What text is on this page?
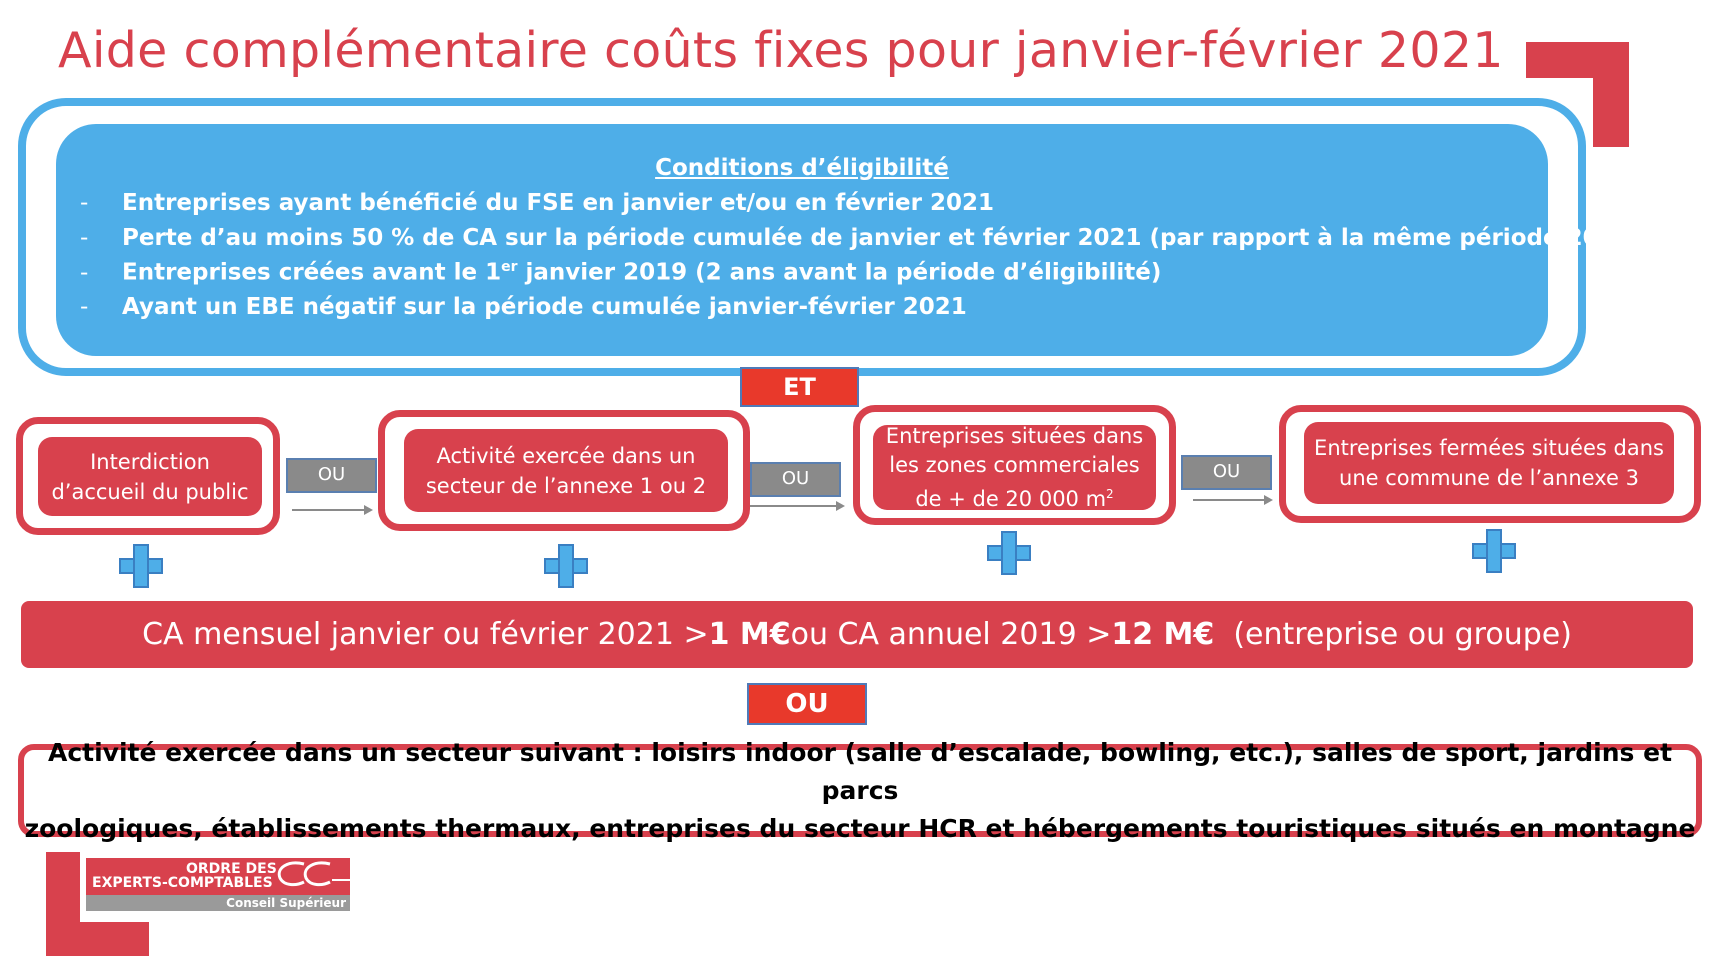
Aide complémentaire coûts fixes pour janvier-février 2021
Conditions d’éligibilité
- Entreprises ayant bénéficié du FSE en janvier et/ou en février 2021
- Perte d’au moins 50 % de CA sur la période cumulée de janvier et février 2021 (par rapport à la même période 2019)
- Entreprises créées avant le 1er janvier 2019 (2 ans avant la période d’éligibilité)
- Ayant un EBE négatif sur la période cumulée janvier-février 2021
ET
Interdiction
d’accueil du public
Activité exercée dans un
secteur de l’annexe 1 ou 2
Entreprises situées dans
les zones commerciales
de + de 20 000 $m^2$
Entreprises fermées situées dans
une commune de l’annexe 3
OU	OU	OU
CA mensuel janvier ou février 2021 > 1 M€ ou CA annuel 2019 > 12 M€ (entreprise ou groupe)
OU
Activité exercée dans un secteur suivant : loisirs indoor (salle d’escalade, bowling, etc.), salles de sport, jardins et parcs
zoologiques, établissements thermaux, entreprises du secteur HCR et hébergements touristiques situés en montagne
ORDRE DES
EXPERTS-COMPTABLES
Conseil Supérieur
